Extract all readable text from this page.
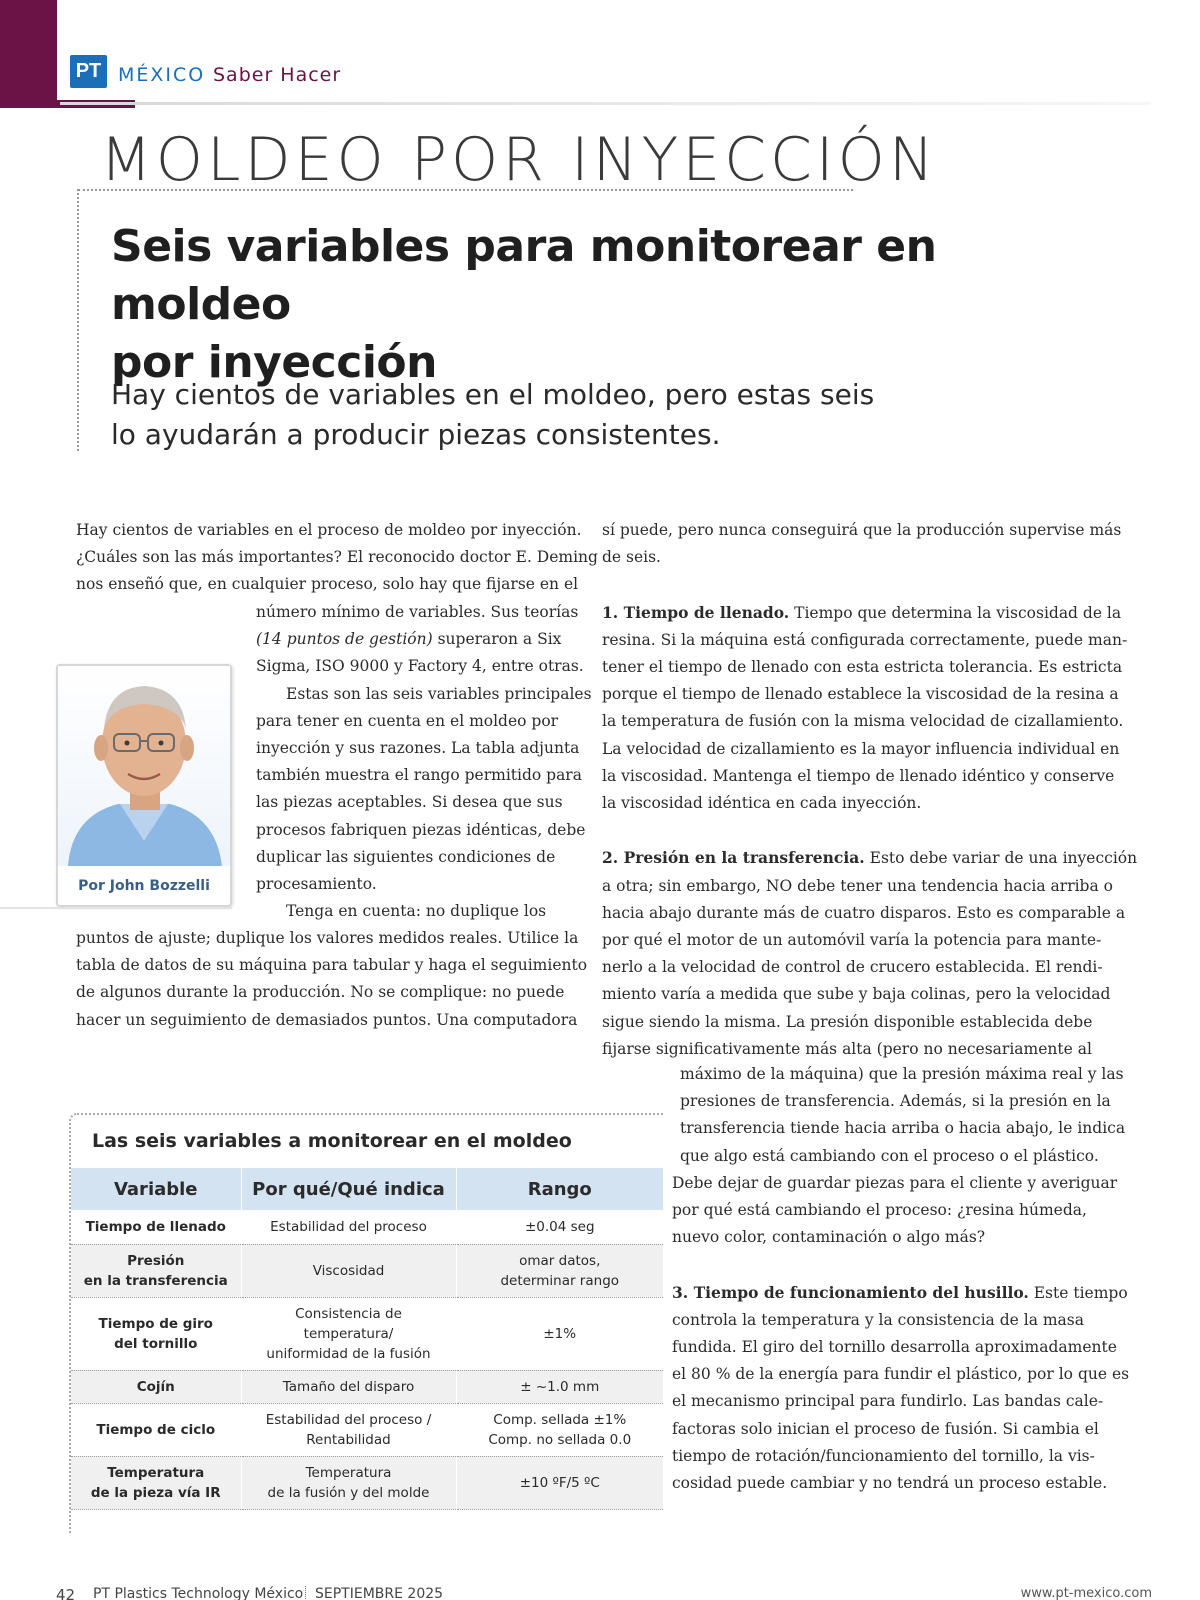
PT MÉXICO Saber Hacer
MOLDEO POR INYECCIÓN
Seis variables para monitorear en moldeo
por inyección
Hay cientos de variables en el moldeo, pero estas seis
lo ayudarán a producir piezas consistentes.

Hay cientos de variables en el proceso de moldeo por inyección.

¿Cuáles son las más importantes? El reconocido doctor E. Deming

nos enseñó que, en cualquier proceso, solo hay que fijarse en el

número mínimo de variables. Sus teorías

(14 puntos de gestión) superaron a Six

Sigma, ISO 9000 y Factory 4, entre otras.

Estas son las seis variables principales

para tener en cuenta en el moldeo por

inyección y sus razones. La tabla adjunta

también muestra el rango permitido para

las piezas aceptables. Si desea que sus

procesos fabriquen piezas idénticas, debe

duplicar las siguientes condiciones de

procesamiento.

Tenga en cuenta: no duplique los

puntos de ajuste; duplique los valores medidos reales. Utilice la

tabla de datos de su máquina para tabular y haga el seguimiento

de algunos durante la producción. No se complique: no puede

hacer un seguimiento de demasiados puntos. Una computadora

Por John Bozzelli

sí puede, pero nunca conseguirá que la producción supervise más

de seis.

1. Tiempo de llenado. Tiempo que determina la viscosidad de la

resina. Si la máquina está configurada correctamente, puede man-

tener el tiempo de llenado con esta estricta tolerancia. Es estricta

porque el tiempo de llenado establece la viscosidad de la resina a

la temperatura de fusión con la misma velocidad de cizallamiento.

La velocidad de cizallamiento es la mayor influencia individual en

la viscosidad. Mantenga el tiempo de llenado idéntico y conserve

la viscosidad idéntica en cada inyección.

2. Presión en la transferencia. Esto debe variar de una inyección

a otra; sin embargo, NO debe tener una tendencia hacia arriba o

hacia abajo durante más de cuatro disparos. Esto es comparable a

por qué el motor de un automóvil varía la potencia para mante-

nerlo a la velocidad de control de crucero establecida. El rendi-

miento varía a medida que sube y baja colinas, pero la velocidad

sigue siendo la misma. La presión disponible establecida debe

fijarse significativamente más alta (pero no necesariamente al

máximo de la máquina) que la presión máxima real y las

presiones de transferencia. Además, si la presión en la

transferencia tiende hacia arriba o hacia abajo, le indica

que algo está cambiando con el proceso o el plástico.

Debe dejar de guardar piezas para el cliente y averiguar

por qué está cambiando el proceso: ¿resina húmeda,

nuevo color, contaminación o algo más?

3. Tiempo de funcionamiento del husillo. Este tiempo

controla la temperatura y la consistencia de la masa

fundida. El giro del tornillo desarrolla aproximadamente

el 80 % de la energía para fundir el plástico, por lo que es

el mecanismo principal para fundirlo. Las bandas cale-

factoras solo inician el proceso de fusión. Si cambia el

tiempo de rotación/funcionamiento del tornillo, la vis-

cosidad puede cambiar y no tendrá un proceso estable.

Las seis variables a monitorear en el moldeo
Variable	Por qué/Qué indica	Rango
Tiempo de llenado	Estabilidad del proceso	±0.04 seg
Presión
en la transferencia	Viscosidad	omar datos,
determinar rango
Tiempo de giro
del tornillo	Consistencia de
temperatura/
uniformidad de la fusión	±1%
Cojín	Tamaño del disparo	± ~1.0 mm
Tiempo de ciclo	Estabilidad del proceso /
Rentabilidad	Comp. sellada ±1%
Comp. no sellada 0.0
Temperatura
de la pieza vía IR	Temperatura
de la fusión y del molde	±10 ºF/5 ºC
42 PT Plastics Technology México SEPTIEMBRE 2025	www.pt-mexico.com
